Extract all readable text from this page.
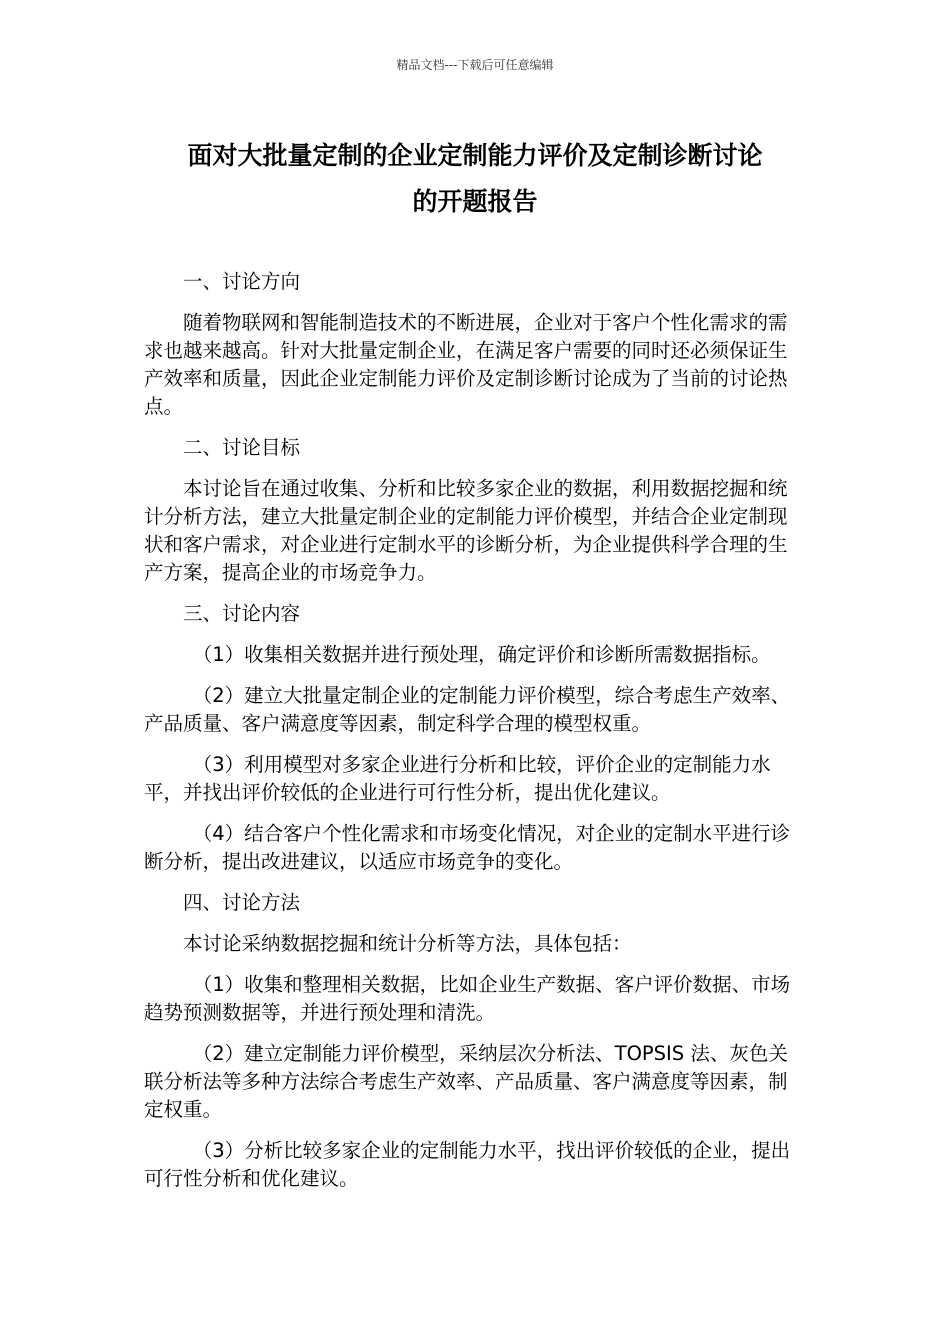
精品文档---下载后可任意编辑
面对大批量定制的企业定制能力评价及定制诊断讨论
的开题报告

一、讨论方向

随着物联网和智能制造技术的不断进展，企业对于客户个性化需求的需求也越来越高。针对大批量定制企业，在满足客户需要的同时还必须保证生产效率和质量，因此企业定制能力评价及定制诊断讨论成为了当前的讨论热点。

二、讨论目标

本讨论旨在通过收集、分析和比较多家企业的数据，利用数据挖掘和统计分析方法，建立大批量定制企业的定制能力评价模型，并结合企业定制现状和客户需求，对企业进行定制水平的诊断分析，为企业提供科学合理的生产方案，提高企业的市场竞争力。

三、讨论内容

（1）收集相关数据并进行预处理，确定评价和诊断所需数据指标。

（2）建立大批量定制企业的定制能力评价模型，综合考虑生产效率、产品质量、客户满意度等因素，制定科学合理的模型权重。

（3）利用模型对多家企业进行分析和比较，评价企业的定制能力水平，并找出评价较低的企业进行可行性分析，提出优化建议。

（4）结合客户个性化需求和市场变化情况，对企业的定制水平进行诊断分析，提出改进建议，以适应市场竞争的变化。

四、讨论方法

本讨论采纳数据挖掘和统计分析等方法，具体包括：

（1）收集和整理相关数据，比如企业生产数据、客户评价数据、市场趋势预测数据等，并进行预处理和清洗。

（2）建立定制能力评价模型，采纳层次分析法、TOPSIS 法、灰色关联分析法等多种方法综合考虑生产效率、产品质量、客户满意度等因素，制定权重。

（3）分析比较多家企业的定制能力水平，找出评价较低的企业，提出可行性分析和优化建议。
